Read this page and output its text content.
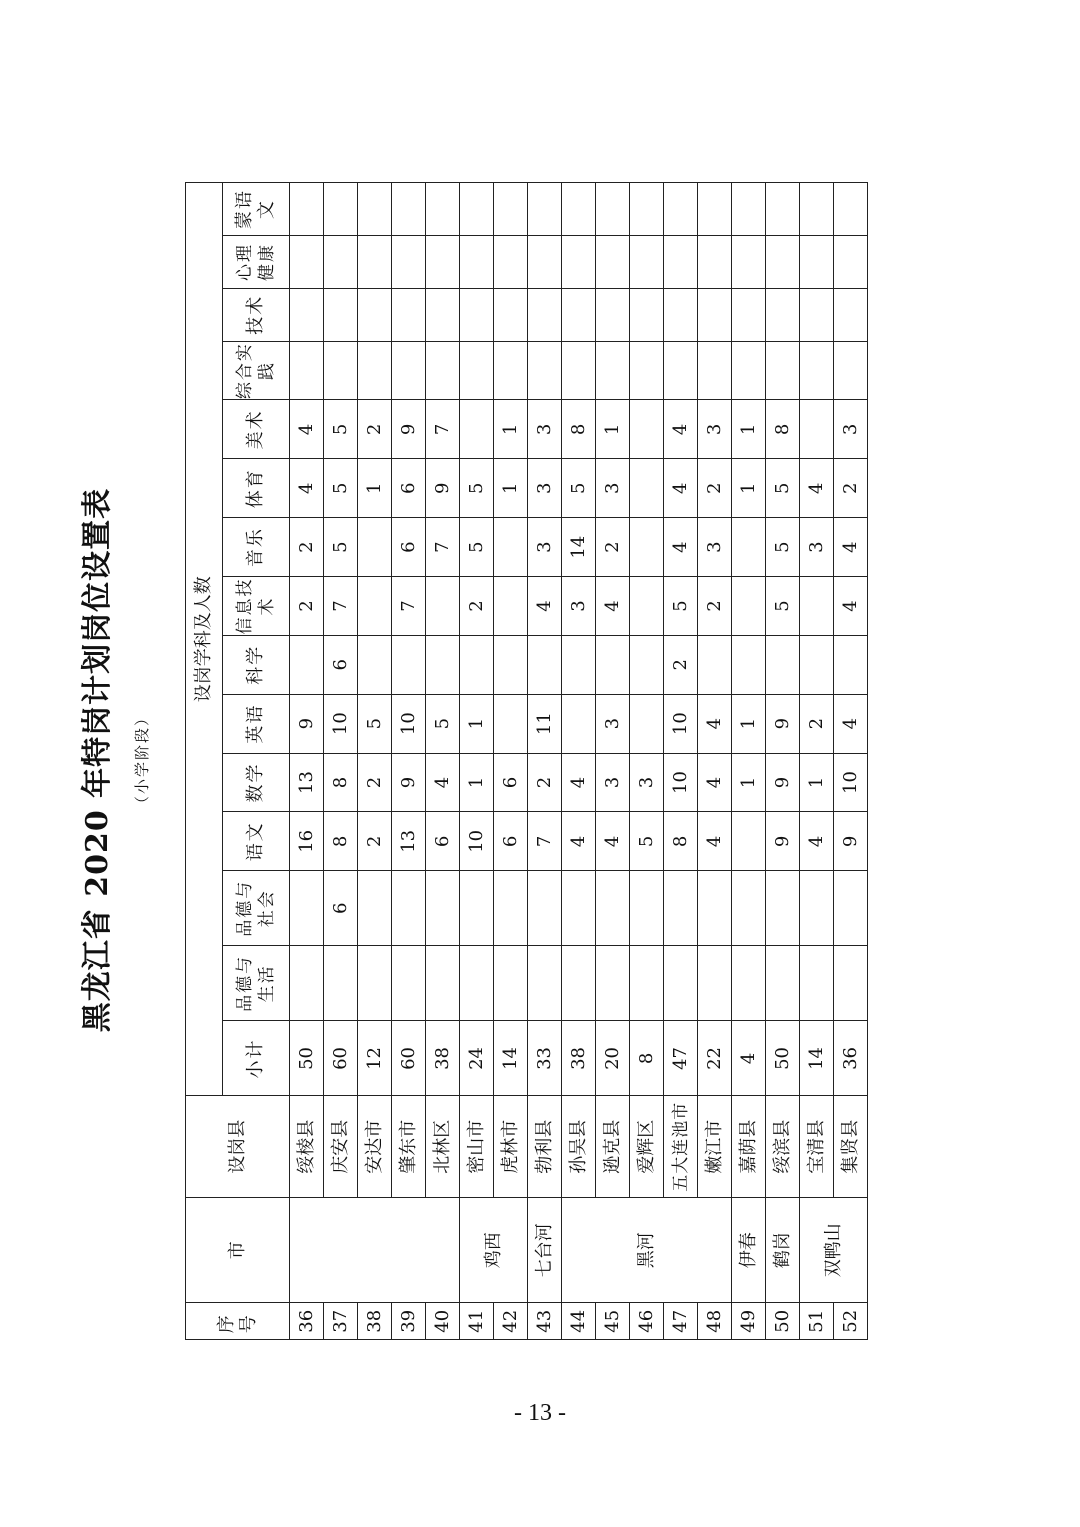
黑龙江省 2020 年特岗计划岗位设置表	（小学阶段）
序号	市	设岗县	设岗学科及人数														
			小计	品德与生活	品德与社会	语文	数学	英语	科学	信息技术	音乐	体育	美术	综合实践	技术	心理健康	蒙语文
36		绥棱县	50			16	13	9		2	2	4	4				
37		庆安县	60		6	8	8	10	6	7	5	5	5				
38		安达市	12			2	2	5				1	2				
39		肇东市	60			13	9	10		7	6	6	9				
40		北林区	38			6	4	5			7	9	7				
41	鸡西	密山市	24			10	1	1		2	5	5					
42		虎林市	14			6	6					1	1				
43	七台河	勃利县	33			7	2	11		4	3	3	3				
44	黑河	孙吴县	38			4	4			3	14	5	8				
45		逊克县	20			4	3	3		4	2	3	1				
46		爱辉区	8			5	3										
47		五大连池市	47			8	10	10	2	5	4	4	4				
48		嫩江市	22			4	4	4		2	3	2	3				
49	伊春	嘉荫县	4				1	1				1	1				
50	鹤岗	绥滨县	50			9	9	9		5	5	5	8				
51	双鸭山	宝清县	14			4	1	2			3	4					
52		集贤县	36			9	10	4		4	4	2	3				
- 13 -
